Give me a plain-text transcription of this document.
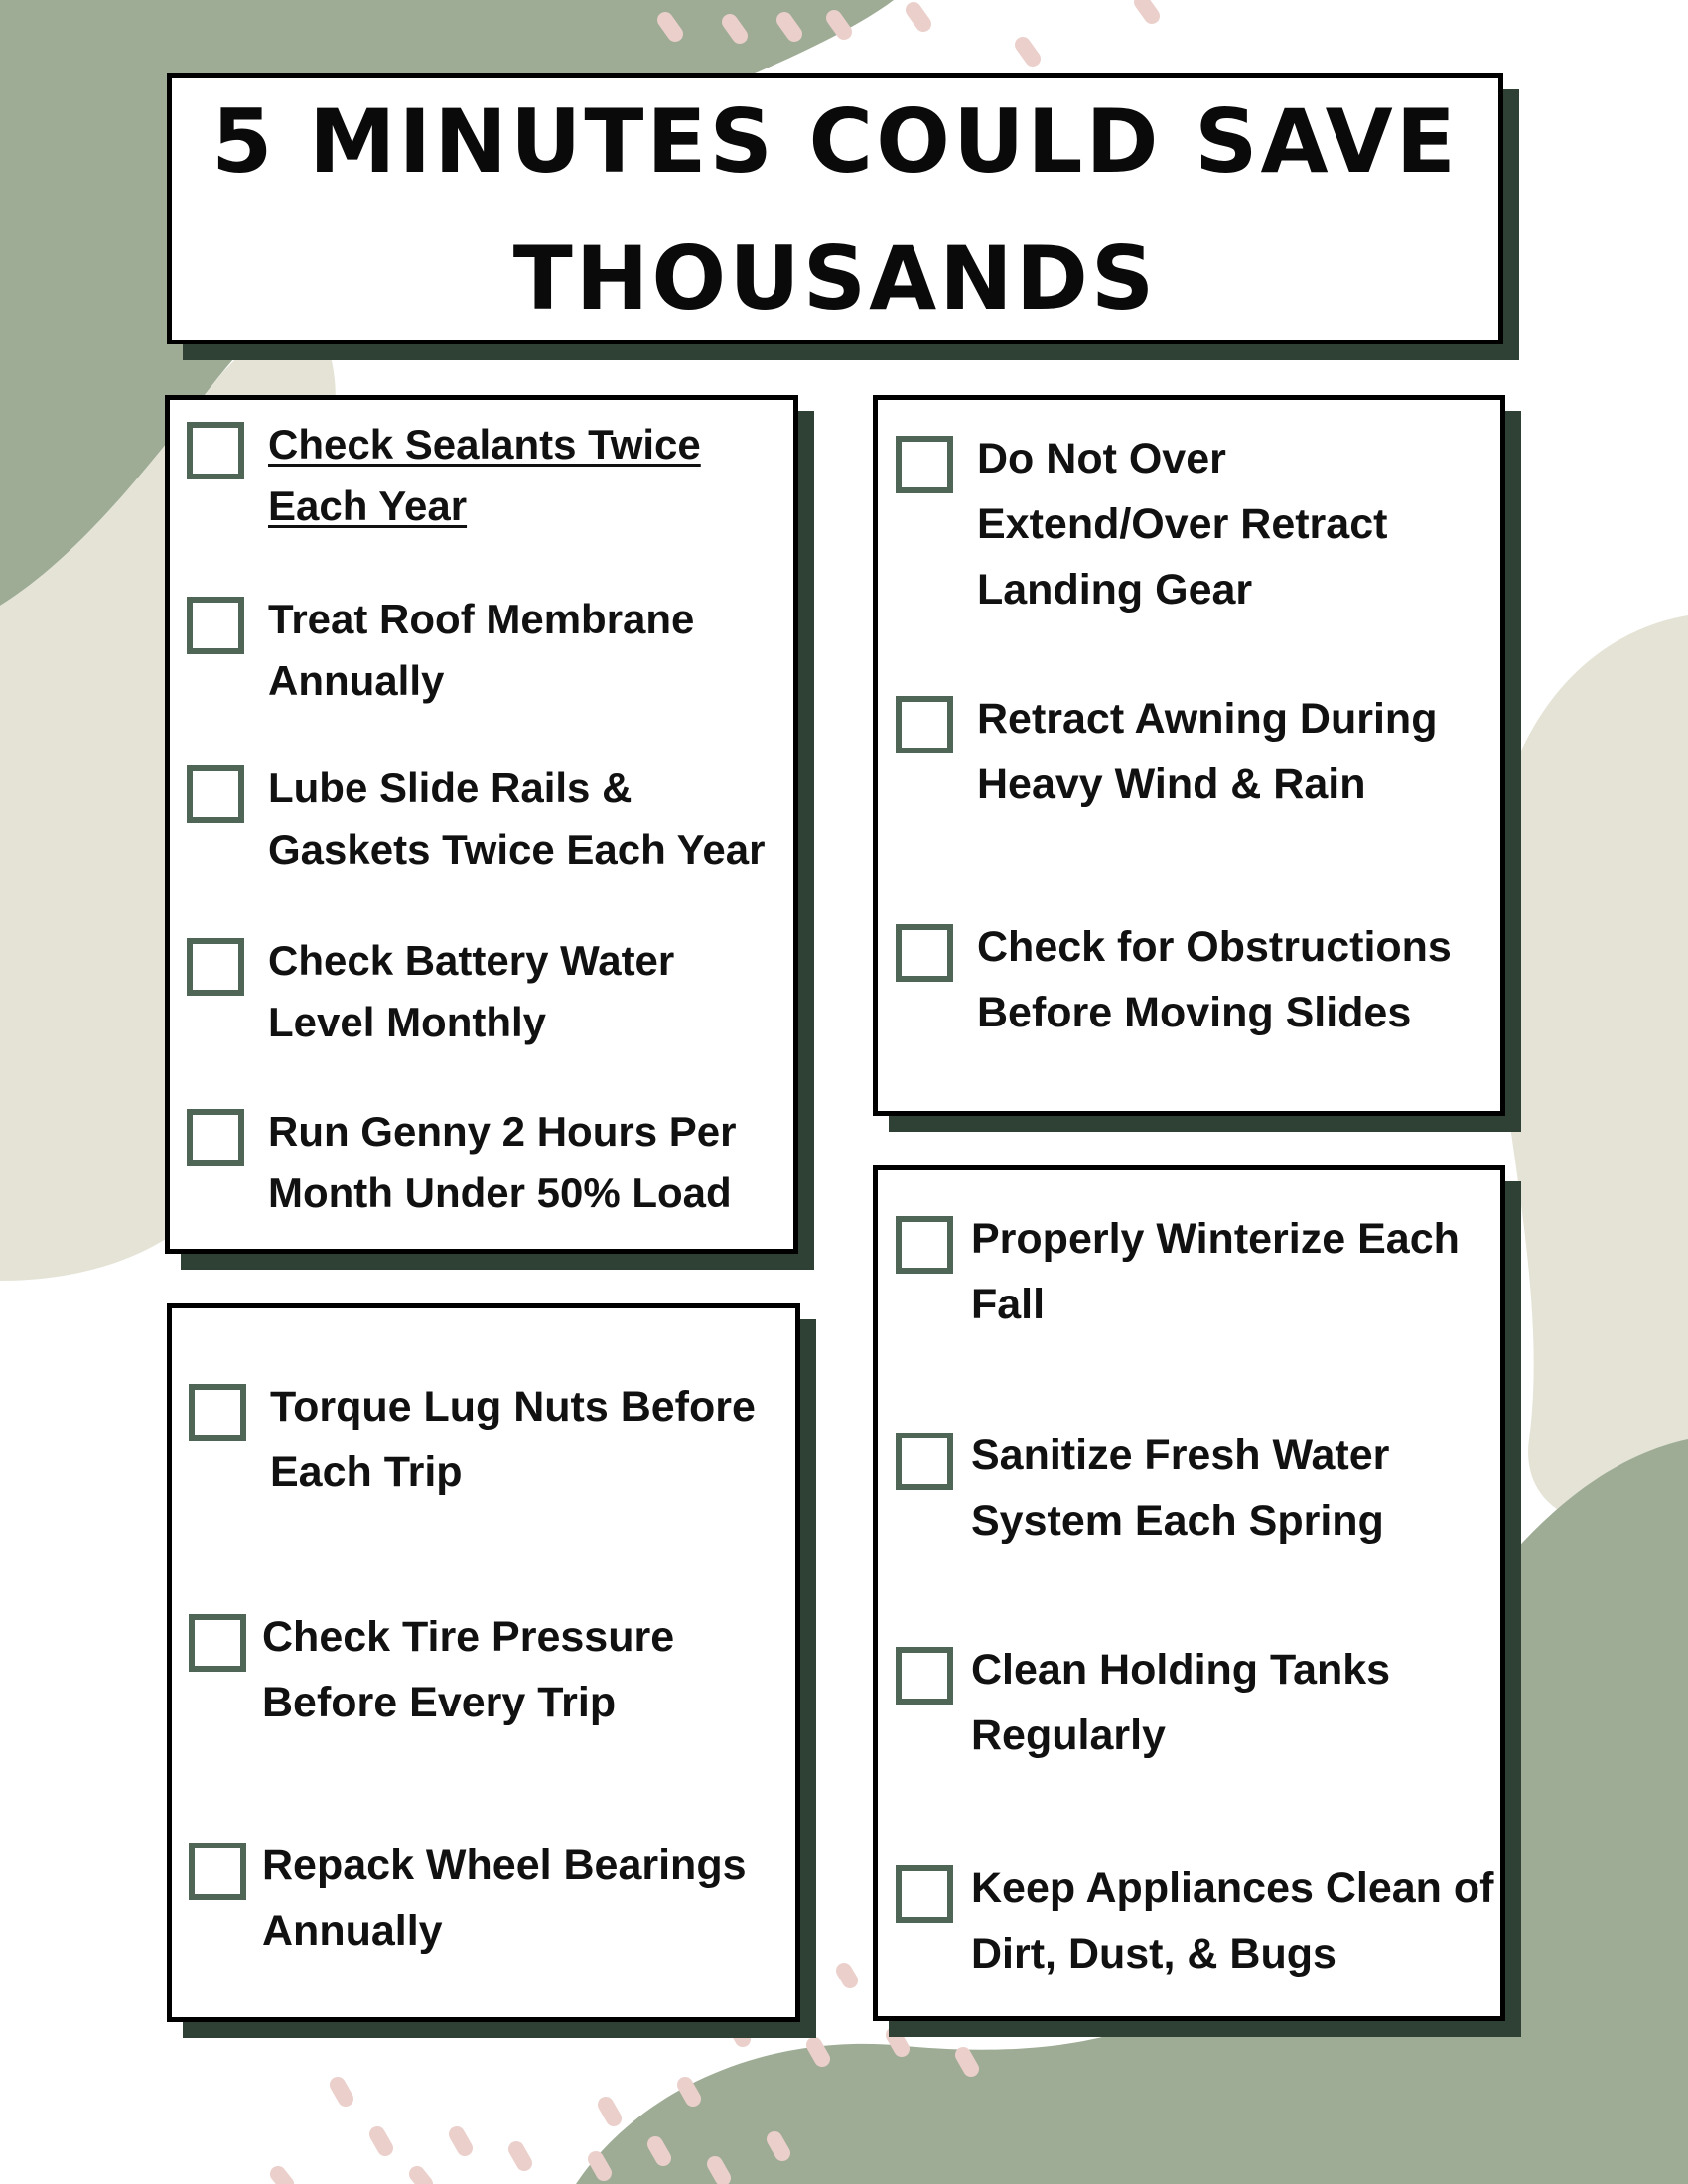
5 MINUTES COULD SAVE
THOUSANDS

Check Sealants Twice Each Year

Treat Roof Membrane Annually

Lube Slide Rails & Gaskets Twice Each Year

Check Battery Water Level Monthly

Run Genny 2 Hours Per Month Under 50% Load

Do Not Over Extend/Over Retract Landing Gear

Retract Awning During Heavy Wind & Rain

Check for Obstructions Before Moving Slides

Torque Lug Nuts Before Each Trip

Check Tire Pressure Before Every Trip

Repack Wheel Bearings Annually

Properly Winterize Each Fall

Sanitize Fresh Water System Each Spring

Clean Holding Tanks Regularly

Keep Appliances Clean of Dirt, Dust, & Bugs
